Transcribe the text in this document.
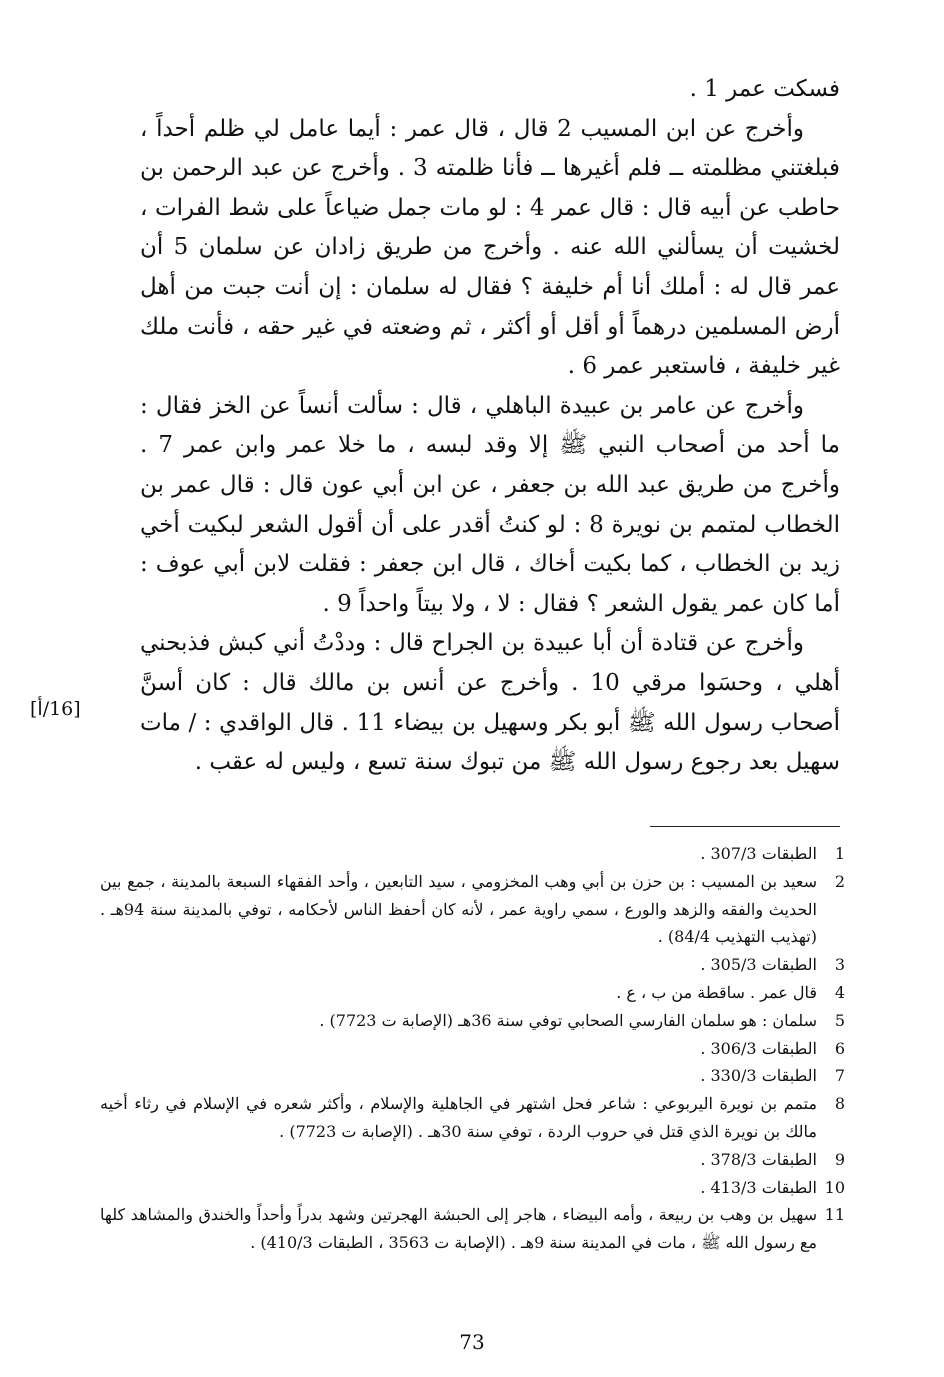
فسكت عمر 1 .

وأخرج عن ابن المسيب 2 قال ، قال عمر : أيما عامل لي ظلم أحداً ، فبلغتني مظلمته ــ فلم أغيرها ــ فأنا ظلمته 3 . وأخرج عن عبد الرحمن بن حاطب عن أبيه قال : قال عمر 4 : لو مات جمل ضياعاً على شط الفرات ، لخشيت أن يسألني الله عنه . وأخرج من طريق زادان عن سلمان 5 أن عمر قال له : أملك أنا أم خليفة ؟ فقال له سلمان : إن أنت جبت من أهل أرض المسلمين درهماً أو أقل أو أكثر ، ثم وضعته في غير حقه ، فأنت ملك غير خليفة ، فاستعبر عمر 6 .

وأخرج عن عامر بن عبيدة الباهلي ، قال : سألت أنساً عن الخز فقال : ما أحد من أصحاب النبي ﷺ إلا وقد لبسه ، ما خلا عمر وابن عمر 7 . وأخرج من طريق عبد الله بن جعفر ، عن ابن أبي عون قال : قال عمر بن الخطاب لمتمم بن نويرة 8 : لو كنتُ أقدر على أن أقول الشعر لبكيت أخي زيد بن الخطاب ، كما بكيت أخاك ، قال ابن جعفر : فقلت لابن أبي عوف : أما كان عمر يقول الشعر ؟ فقال : لا ، ولا بيتاً واحداً 9 .

وأخرج عن قتادة أن أبا عبيدة بن الجراح قال : وددْتُ أني كبش فذبحني أهلي ، وحسَوا مرقي 10 . وأخرج عن أنس بن مالك قال : كان أسنَّ أصحاب رسول الله ﷺ أبو بكر وسهيل بن بيضاء 11 . قال الواقدي : / مات سهيل بعد رجوع رسول الله ﷺ من تبوك سنة تسع ، وليس له عقب .

[16/أ]
1
الطبقات 307/3 .
2
سعيد بن المسيب : بن حزن بن أبي وهب المخزومي ، سيد التابعين ، وأحد الفقهاء السبعة بالمدينة ، جمع بين الحديث والفقه والزهد والورع ، سمي راوية عمر ، لأنه كان أحفظ الناس لأحكامه ، توفي بالمدينة سنة 94هـ . (تهذيب التهذيب 84/4) .
3
الطبقات 305/3 .
4
قال عمر . ساقطة من ب ، ع .
5
سلمان : هو سلمان الفارسي الصحابي توفي سنة 36هـ (الإصابة ت 7723) .
6
الطبقات 306/3 .
7
الطبقات 330/3 .
8
متمم بن نويرة اليربوعي : شاعر فحل اشتهر في الجاهلية والإسلام ، وأكثر شعره في الإسلام في رثاء أخيه مالك بن نويرة الذي قتل في حروب الردة ، توفي سنة 30هـ . (الإصابة ت 7723) .
9
الطبقات 378/3 .
10
الطبقات 413/3 .
11
سهيل بن وهب بن ربيعة ، وأمه البيضاء ، هاجر إلى الحبشة الهجرتين وشهد بدراً وأحداً والخندق والمشاهد كلها مع رسول الله ﷺ ، مات في المدينة سنة 9هـ . (الإصابة ت 3563 ، الطبقات 410/3) .
73
